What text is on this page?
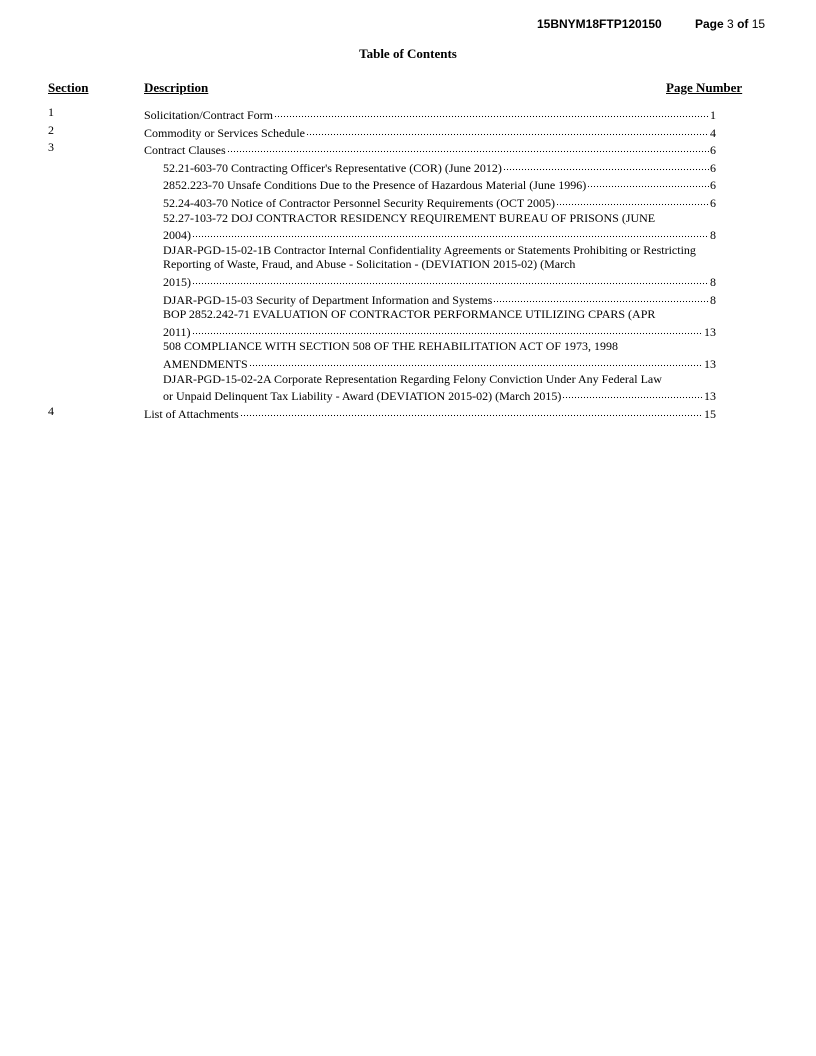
15BNYM18FTP120150	Page 3 of 15
Table of Contents
Section	Description	Page Number
1	Solicitation/Contract Form	1
2	Commodity or Services Schedule	4
3	Contract Clauses	6
52.21-603-70 Contracting Officer's Representative (COR) (June 2012)	6
2852.223-70 Unsafe Conditions Due to the Presence of Hazardous Material (June 1996)	6
52.24-403-70 Notice of Contractor Personnel Security Requirements (OCT 2005)	6
52.27-103-72 DOJ CONTRACTOR RESIDENCY REQUIREMENT BUREAU OF PRISONS (JUNE
2004)	8
DJAR-PGD-15-02-1B Contractor Internal Confidentiality Agreements or Statements Prohibiting or Restricting Reporting of Waste, Fraud, and Abuse - Solicitation - (DEVIATION 2015-02) (March
2015)	8
DJAR-PGD-15-03 Security of Department Information and Systems	8
BOP 2852.242-71 EVALUATION OF CONTRACTOR PERFORMANCE UTILIZING CPARS (APR
2011)	13
508 COMPLIANCE WITH SECTION 508 OF THE REHABILITATION ACT OF 1973, 1998
AMENDMENTS	13
DJAR-PGD-15-02-2A Corporate Representation Regarding Felony Conviction Under Any Federal Law
or Unpaid Delinquent Tax Liability - Award (DEVIATION 2015-02) (March 2015)	13
4	List of Attachments	15
